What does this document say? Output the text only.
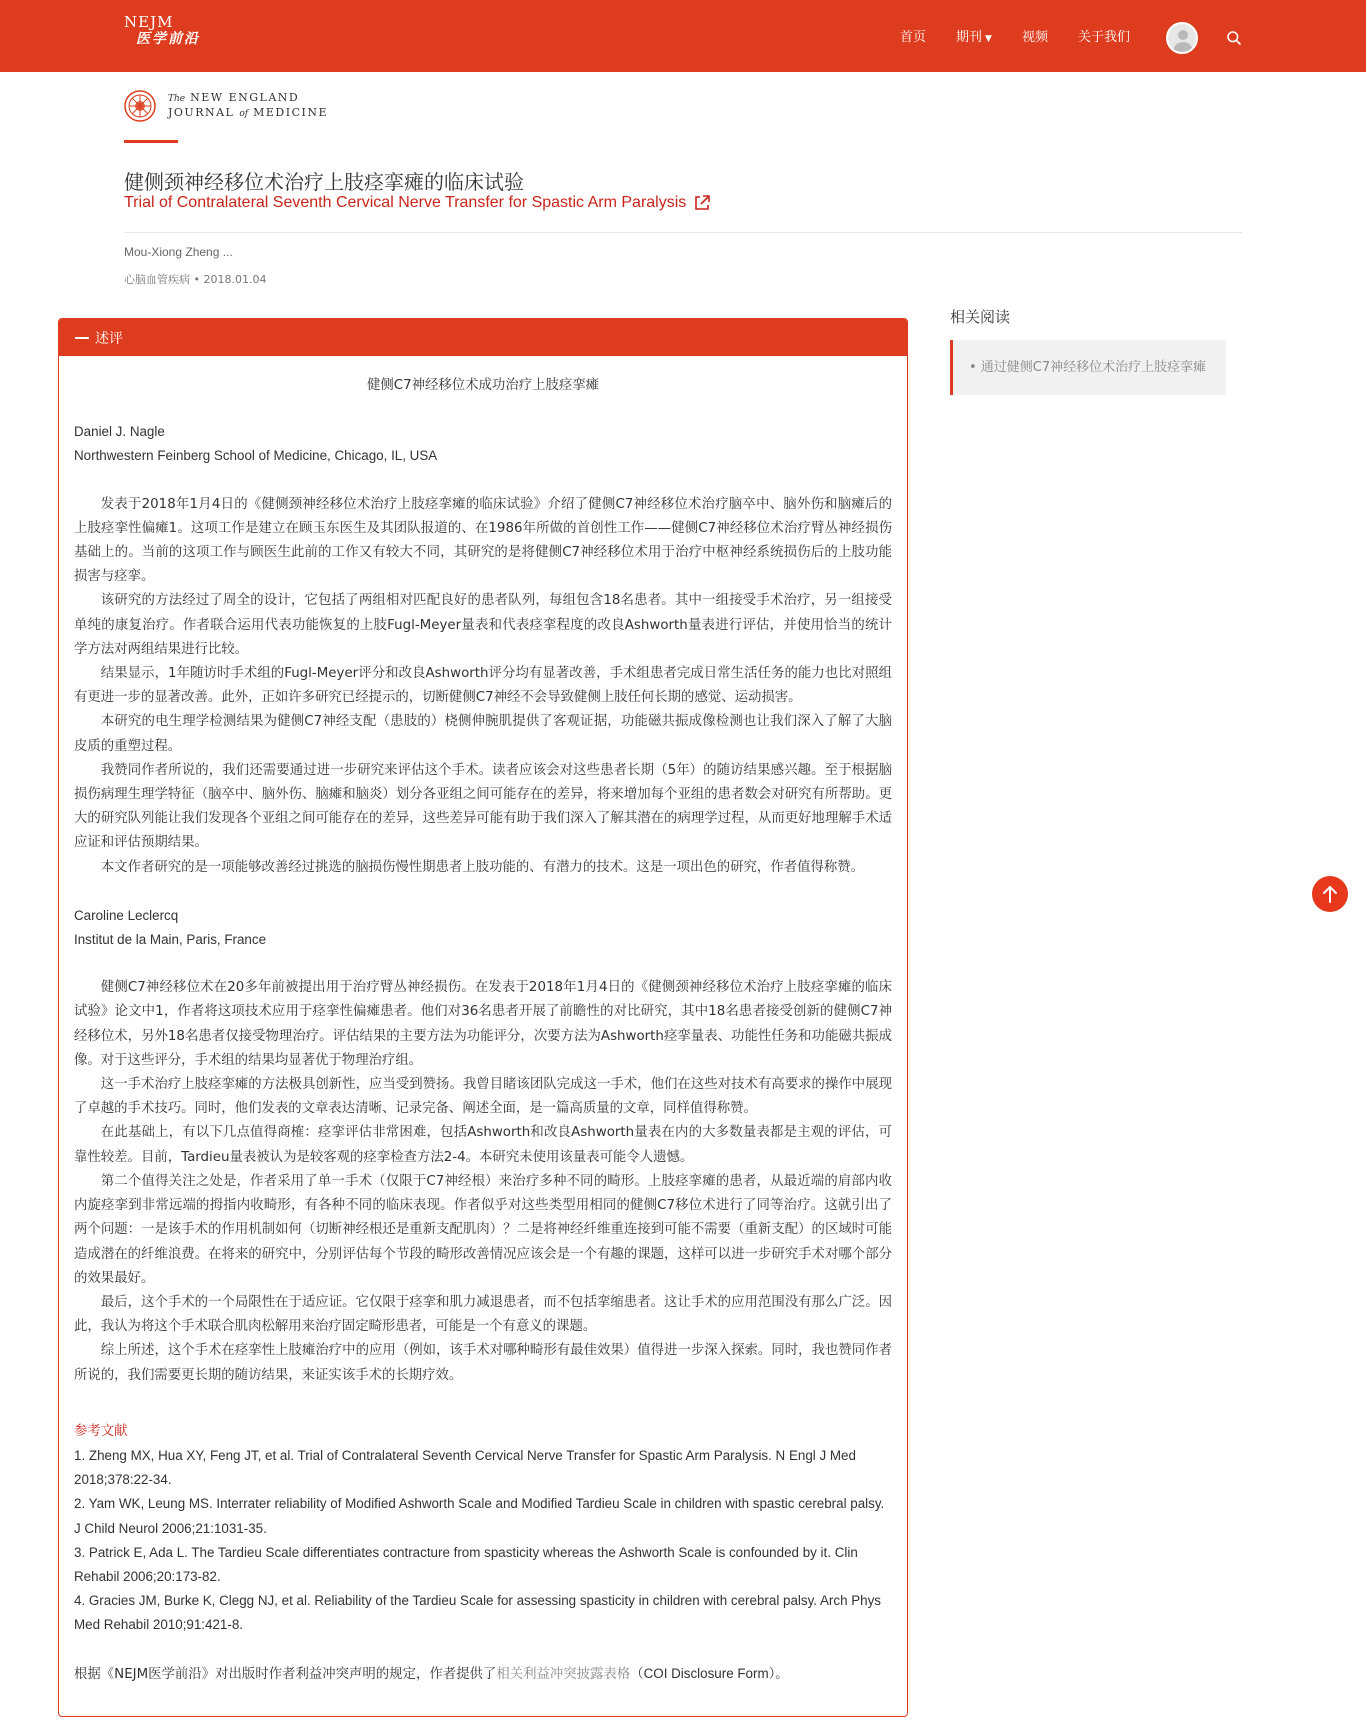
NEJM
医学前沿	首页 期刊 ▼ 视频 关于我们
The NEW ENGLAND
JOURNAL of MEDICINE
健侧颈神经移位术治疗上肢痉挛瘫的临床试验
Trial of Contralateral Seventh Cervical Nerve Transfer for Spastic Arm Paralysis
Mou-Xiong Zheng ...
心脑血管疾病 • 2018.01.04
述评
健侧C7神经移位术成功治疗上肢痉挛瘫
Daniel J. Nagle
Northwestern Feinberg School of Medicine, Chicago, IL, USA

发表于2018年1月4日的《健侧颈神经移位术治疗上肢痉挛瘫的临床试验》介绍了健侧C7神经移位术治疗脑卒中、脑外伤和脑瘫后的上肢痉挛性偏瘫1。这项工作是建立在顾玉东医生及其团队报道的、在1986年所做的首创性工作——健侧C7神经移位术治疗臂丛神经损伤基础上的。当前的这项工作与顾医生此前的工作又有较大不同，其研究的是将健侧C7神经移位术用于治疗中枢神经系统损伤后的上肢功能损害与痉挛。

该研究的方法经过了周全的设计，它包括了两组相对匹配良好的患者队列，每组包含18名患者。其中一组接受手术治疗，另一组接受单纯的康复治疗。作者联合运用代表功能恢复的上肢Fugl-Meyer量表和代表痉挛程度的改良Ashworth量表进行评估，并使用恰当的统计学方法对两组结果进行比较。

结果显示，1年随访时手术组的Fugl-Meyer评分和改良Ashworth评分均有显著改善，手术组患者完成日常生活任务的能力也比对照组有更进一步的显著改善。此外，正如许多研究已经提示的，切断健侧C7神经不会导致健侧上肢任何长期的感觉、运动损害。

本研究的电生理学检测结果为健侧C7神经支配（患肢的）桡侧伸腕肌提供了客观证据，功能磁共振成像检测也让我们深入了解了大脑皮质的重塑过程。

我赞同作者所说的，我们还需要通过进一步研究来评估这个手术。读者应该会对这些患者长期（5年）的随访结果感兴趣。至于根据脑损伤病理生理学特征（脑卒中、脑外伤、脑瘫和脑炎）划分各亚组之间可能存在的差异，将来增加每个亚组的患者数会对研究有所帮助。更大的研究队列能让我们发现各个亚组之间可能存在的差异，这些差异可能有助于我们深入了解其潜在的病理学过程，从而更好地理解手术适应证和评估预期结果。

本文作者研究的是一项能够改善经过挑选的脑损伤慢性期患者上肢功能的、有潜力的技术。这是一项出色的研究，作者值得称赞。

Caroline Leclercq
Institut de la Main, Paris, France

健侧C7神经移位术在20多年前被提出用于治疗臂丛神经损伤。在发表于2018年1月4日的《健侧颈神经移位术治疗上肢痉挛瘫的临床试验》论文中1，作者将这项技术应用于痉挛性偏瘫患者。他们对36名患者开展了前瞻性的对比研究，其中18名患者接受创新的健侧C7神经移位术，另外18名患者仅接受物理治疗。评估结果的主要方法为功能评分，次要方法为Ashworth痉挛量表、功能性任务和功能磁共振成像。对于这些评分，手术组的结果均显著优于物理治疗组。

这一手术治疗上肢痉挛瘫的方法极具创新性，应当受到赞扬。我曾目睹该团队完成这一手术，他们在这些对技术有高要求的操作中展现了卓越的手术技巧。同时，他们发表的文章表达清晰、记录完备、阐述全面，是一篇高质量的文章，同样值得称赞。

在此基础上，有以下几点值得商榷：痉挛评估非常困难，包括Ashworth和改良Ashworth量表在内的大多数量表都是主观的评估，可靠性较差。目前，Tardieu量表被认为是较客观的痉挛检查方法2-4。本研究未使用该量表可能令人遗憾。

第二个值得关注之处是，作者采用了单一手术（仅限于C7神经根）来治疗多种不同的畸形。上肢痉挛瘫的患者，从最近端的肩部内收内旋痉挛到非常远端的拇指内收畸形，有各种不同的临床表现。作者似乎对这些类型用相同的健侧C7移位术进行了同等治疗。这就引出了两个问题：一是该手术的作用机制如何（切断神经根还是重新支配肌肉）？二是将神经纤维重连接到可能不需要（重新支配）的区域时可能造成潜在的纤维浪费。在将来的研究中，分别评估每个节段的畸形改善情况应该会是一个有趣的课题，这样可以进一步研究手术对哪个部分的效果最好。

最后，这个手术的一个局限性在于适应证。它仅限于痉挛和肌力减退患者，而不包括挛缩患者。这让手术的应用范围没有那么广泛。因此，我认为将这个手术联合肌肉松解用来治疗固定畸形患者，可能是一个有意义的课题。

综上所述，这个手术在痉挛性上肢瘫治疗中的应用（例如，该手术对哪种畸形有最佳效果）值得进一步深入探索。同时，我也赞同作者所说的，我们需要更长期的随访结果，来证实该手术的长期疗效。

参考文献
1. Zheng MX, Hua XY, Feng JT, et al. Trial of Contralateral Seventh Cervical Nerve Transfer for Spastic Arm Paralysis. N Engl J Med 2018;378:22-34.
2. Yam WK, Leung MS. Interrater reliability of Modified Ashworth Scale and Modified Tardieu Scale in children with spastic cerebral palsy. J Child Neurol 2006;21:1031-35.
3. Patrick E, Ada L. The Tardieu Scale differentiates contracture from spasticity whereas the Ashworth Scale is confounded by it. Clin Rehabil 2006;20:173-82.
4. Gracies JM, Burke K, Clegg NJ, et al. Reliability of the Tardieu Scale for assessing spasticity in children with cerebral palsy. Arch Phys Med Rehabil 2010;91:421-8.
根据《NEJM医学前沿》对出版时作者利益冲突声明的规定，作者提供了相关利益冲突披露表格（COI Disclosure Form）。
相关阅读
• 通过健侧C7神经移位术治疗上肢痉挛瘫
